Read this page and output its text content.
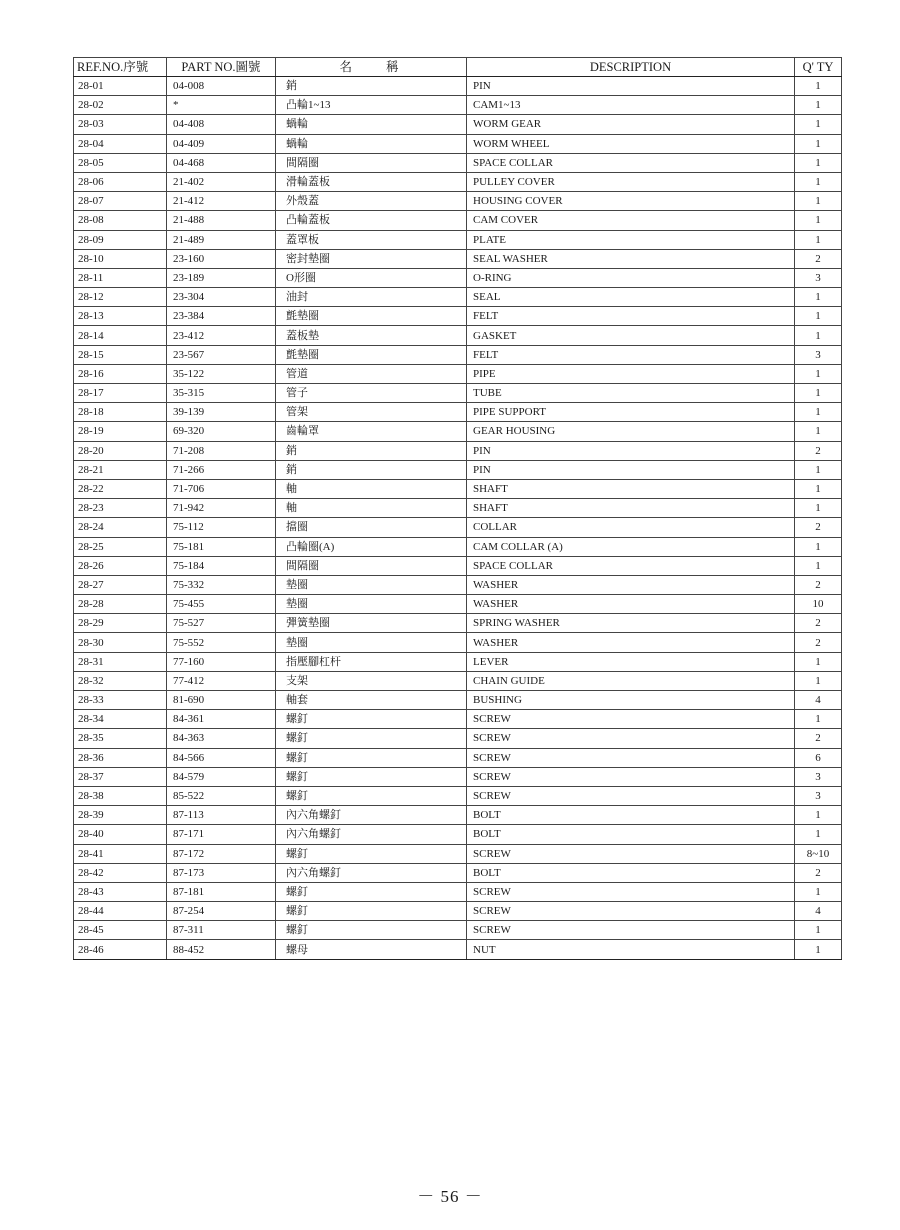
REF.NO.序號	PART NO.圖號	名稱	DESCRIPTION	Q' TY
28-01	04-008	銷	PIN	1
28-02	*	凸輪1~13	CAM1~13	1
28-03	04-408	蝸輪	WORM GEAR	1
28-04	04-409	蝸輪	WORM WHEEL	1
28-05	04-468	間隔圈	SPACE COLLAR	1
28-06	21-402	滑輪蓋板	PULLEY COVER	1
28-07	21-412	外殼蓋	HOUSING COVER	1
28-08	21-488	凸輪蓋板	CAM COVER	1
28-09	21-489	蓋罩板	PLATE	1
28-10	23-160	密封墊圈	SEAL WASHER	2
28-11	23-189	O形圈	O-RING	3
28-12	23-304	油封	SEAL	1
28-13	23-384	氈墊圈	FELT	1
28-14	23-412	蓋板墊	GASKET	1
28-15	23-567	氈墊圈	FELT	3
28-16	35-122	管道	PIPE	1
28-17	35-315	管子	TUBE	1
28-18	39-139	管架	PIPE SUPPORT	1
28-19	69-320	齒輪罩	GEAR HOUSING	1
28-20	71-208	銷	PIN	2
28-21	71-266	銷	PIN	1
28-22	71-706	軸	SHAFT	1
28-23	71-942	軸	SHAFT	1
28-24	75-112	擋圈	COLLAR	2
28-25	75-181	凸輪圈(A)	CAM COLLAR (A)	1
28-26	75-184	間隔圈	SPACE COLLAR	1
28-27	75-332	墊圈	WASHER	2
28-28	75-455	墊圈	WASHER	10
28-29	75-527	彈簧墊圈	SPRING WASHER	2
28-30	75-552	墊圈	WASHER	2
28-31	77-160	指壓腳杠杆	LEVER	1
28-32	77-412	支架	CHAIN GUIDE	1
28-33	81-690	軸套	BUSHING	4
28-34	84-361	螺釘	SCREW	1
28-35	84-363	螺釘	SCREW	2
28-36	84-566	螺釘	SCREW	6
28-37	84-579	螺釘	SCREW	3
28-38	85-522	螺釘	SCREW	3
28-39	87-113	內六角螺釘	BOLT	1
28-40	87-171	內六角螺釘	BOLT	1
28-41	87-172	螺釘	SCREW	8~10
28-42	87-173	內六角螺釘	BOLT	2
28-43	87-181	螺釘	SCREW	1
28-44	87-254	螺釘	SCREW	4
28-45	87-311	螺釘	SCREW	1
28-46	88-452	螺母	NUT	1
－ 56 －
